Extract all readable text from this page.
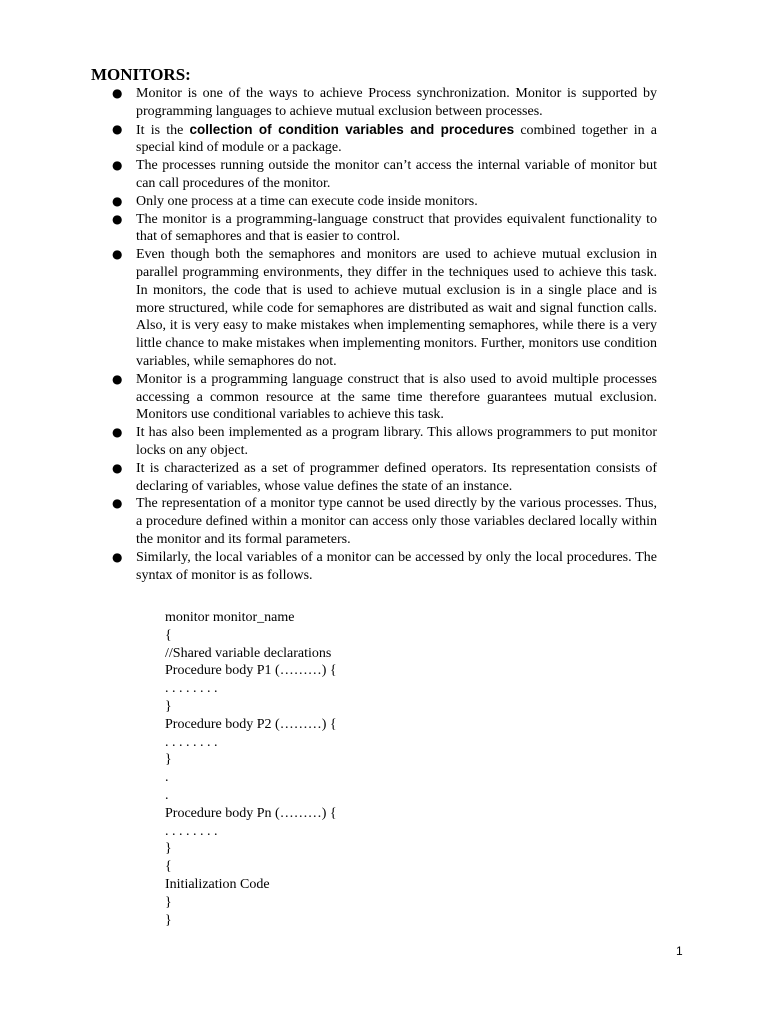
MONITORS:
● Monitor is one of the ways to achieve Process synchronization. Monitor is supported by programming languages to achieve mutual exclusion between processes.
● It is the collection of condition variables and procedures combined together in a special kind of module or a package.
● The processes running outside the monitor can’t access the internal variable of monitor but can call procedures of the monitor.
● Only one process at a time can execute code inside monitors.
● The monitor is a programming-language construct that provides equivalent functionality to that of semaphores and that is easier to control.
● Even though both the semaphores and monitors are used to achieve mutual exclusion in parallel programming environments, they differ in the techniques used to achieve this task. In monitors, the code that is used to achieve mutual exclusion is in a single place and is more structured, while code for semaphores are distributed as wait and signal function calls. Also, it is very easy to make mistakes when implementing semaphores, while there is a very little chance to make mistakes when implementing monitors. Further, monitors use condition variables, while semaphores do not.
● Monitor is a programming language construct that is also used to avoid multiple processes accessing a common resource at the same time therefore guarantees mutual exclusion. Monitors use conditional variables to achieve this task.
● It has also been implemented as a program library. This allows programmers to put monitor locks on any object.
● It is characterized as a set of programmer defined operators. Its representation consists of declaring of variables, whose value defines the state of an instance.
● The representation of a monitor type cannot be used directly by the various processes. Thus, a procedure defined within a monitor can access only those variables declared locally within the monitor and its formal parameters.
● Similarly, the local variables of a monitor can be accessed by only the local procedures. The syntax of monitor is as follows.
monitor monitor_name
{
//Shared variable declarations
Procedure body P1 (………) {
. . . . . . . .
}
Procedure body P2 (………) {
. . . . . . . .
}
.
.
Procedure body Pn (………) {
. . . . . . . .
}
{
Initialization Code
}
}
1
